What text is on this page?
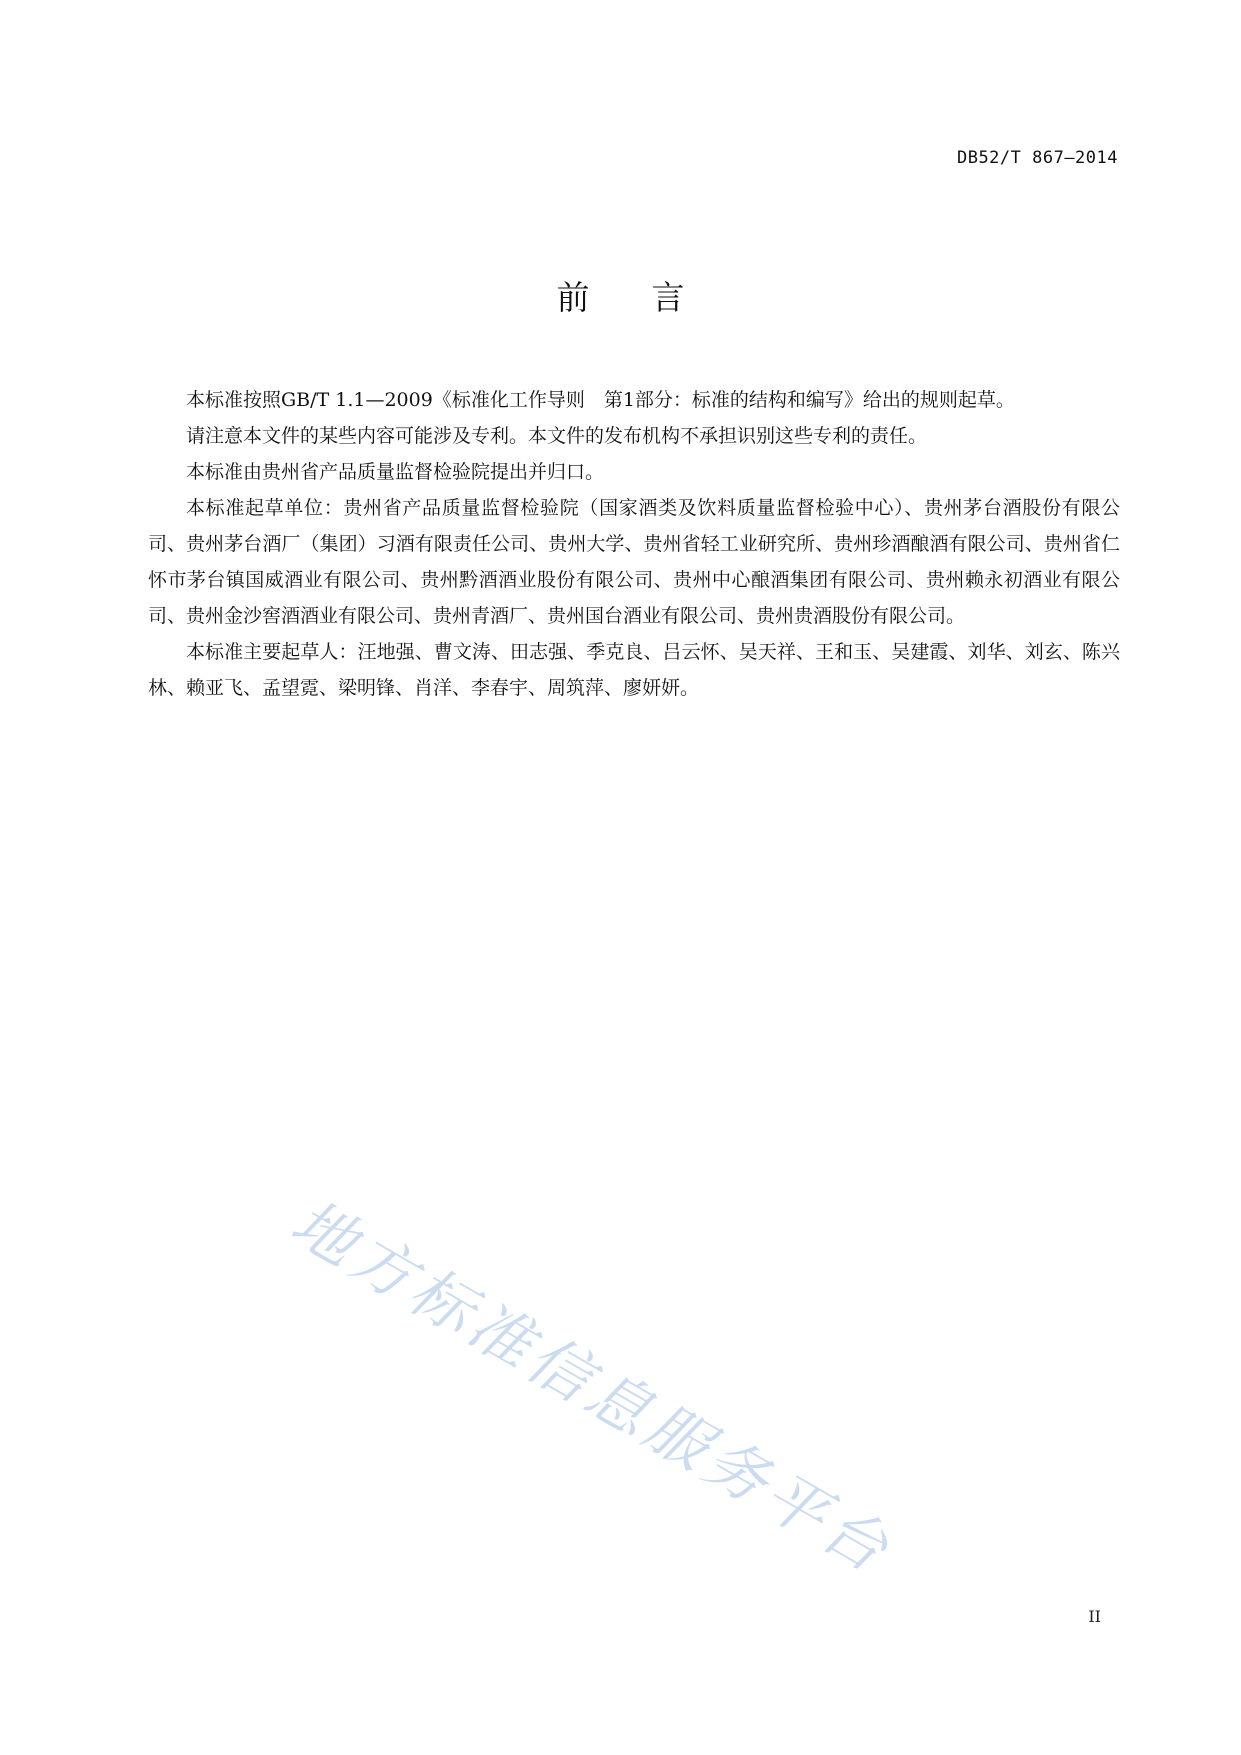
DB52/T 867—2014
前言

本标准按照GB/T 1.1—2009《标准化工作导则　第1部分：标准的结构和编写》给出的规则起草。

请注意本文件的某些内容可能涉及专利。本文件的发布机构不承担识别这些专利的责任。

本标准由贵州省产品质量监督检验院提出并归口。

本标准起草单位：贵州省产品质量监督检验院（国家酒类及饮料质量监督检验中心）、贵州茅台酒股份有限公司、贵州茅台酒厂（集团）习酒有限责任公司、贵州大学、贵州省轻工业研究所、贵州珍酒酿酒有限公司、贵州省仁怀市茅台镇国威酒业有限公司、贵州黔酒酒业股份有限公司、贵州中心酿酒集团有限公司、贵州赖永初酒业有限公司、贵州金沙窖酒酒业有限公司、贵州青酒厂、贵州国台酒业有限公司、贵州贵酒股份有限公司。

本标准主要起草人：汪地强、曹文涛、田志强、季克良、吕云怀、吴天祥、王和玉、吴建霞、刘华、刘玄、陈兴林、赖亚飞、孟望霓、梁明锋、肖洋、李春宇、周筑萍、廖妍妍。

地方标准信息服务平台
II
